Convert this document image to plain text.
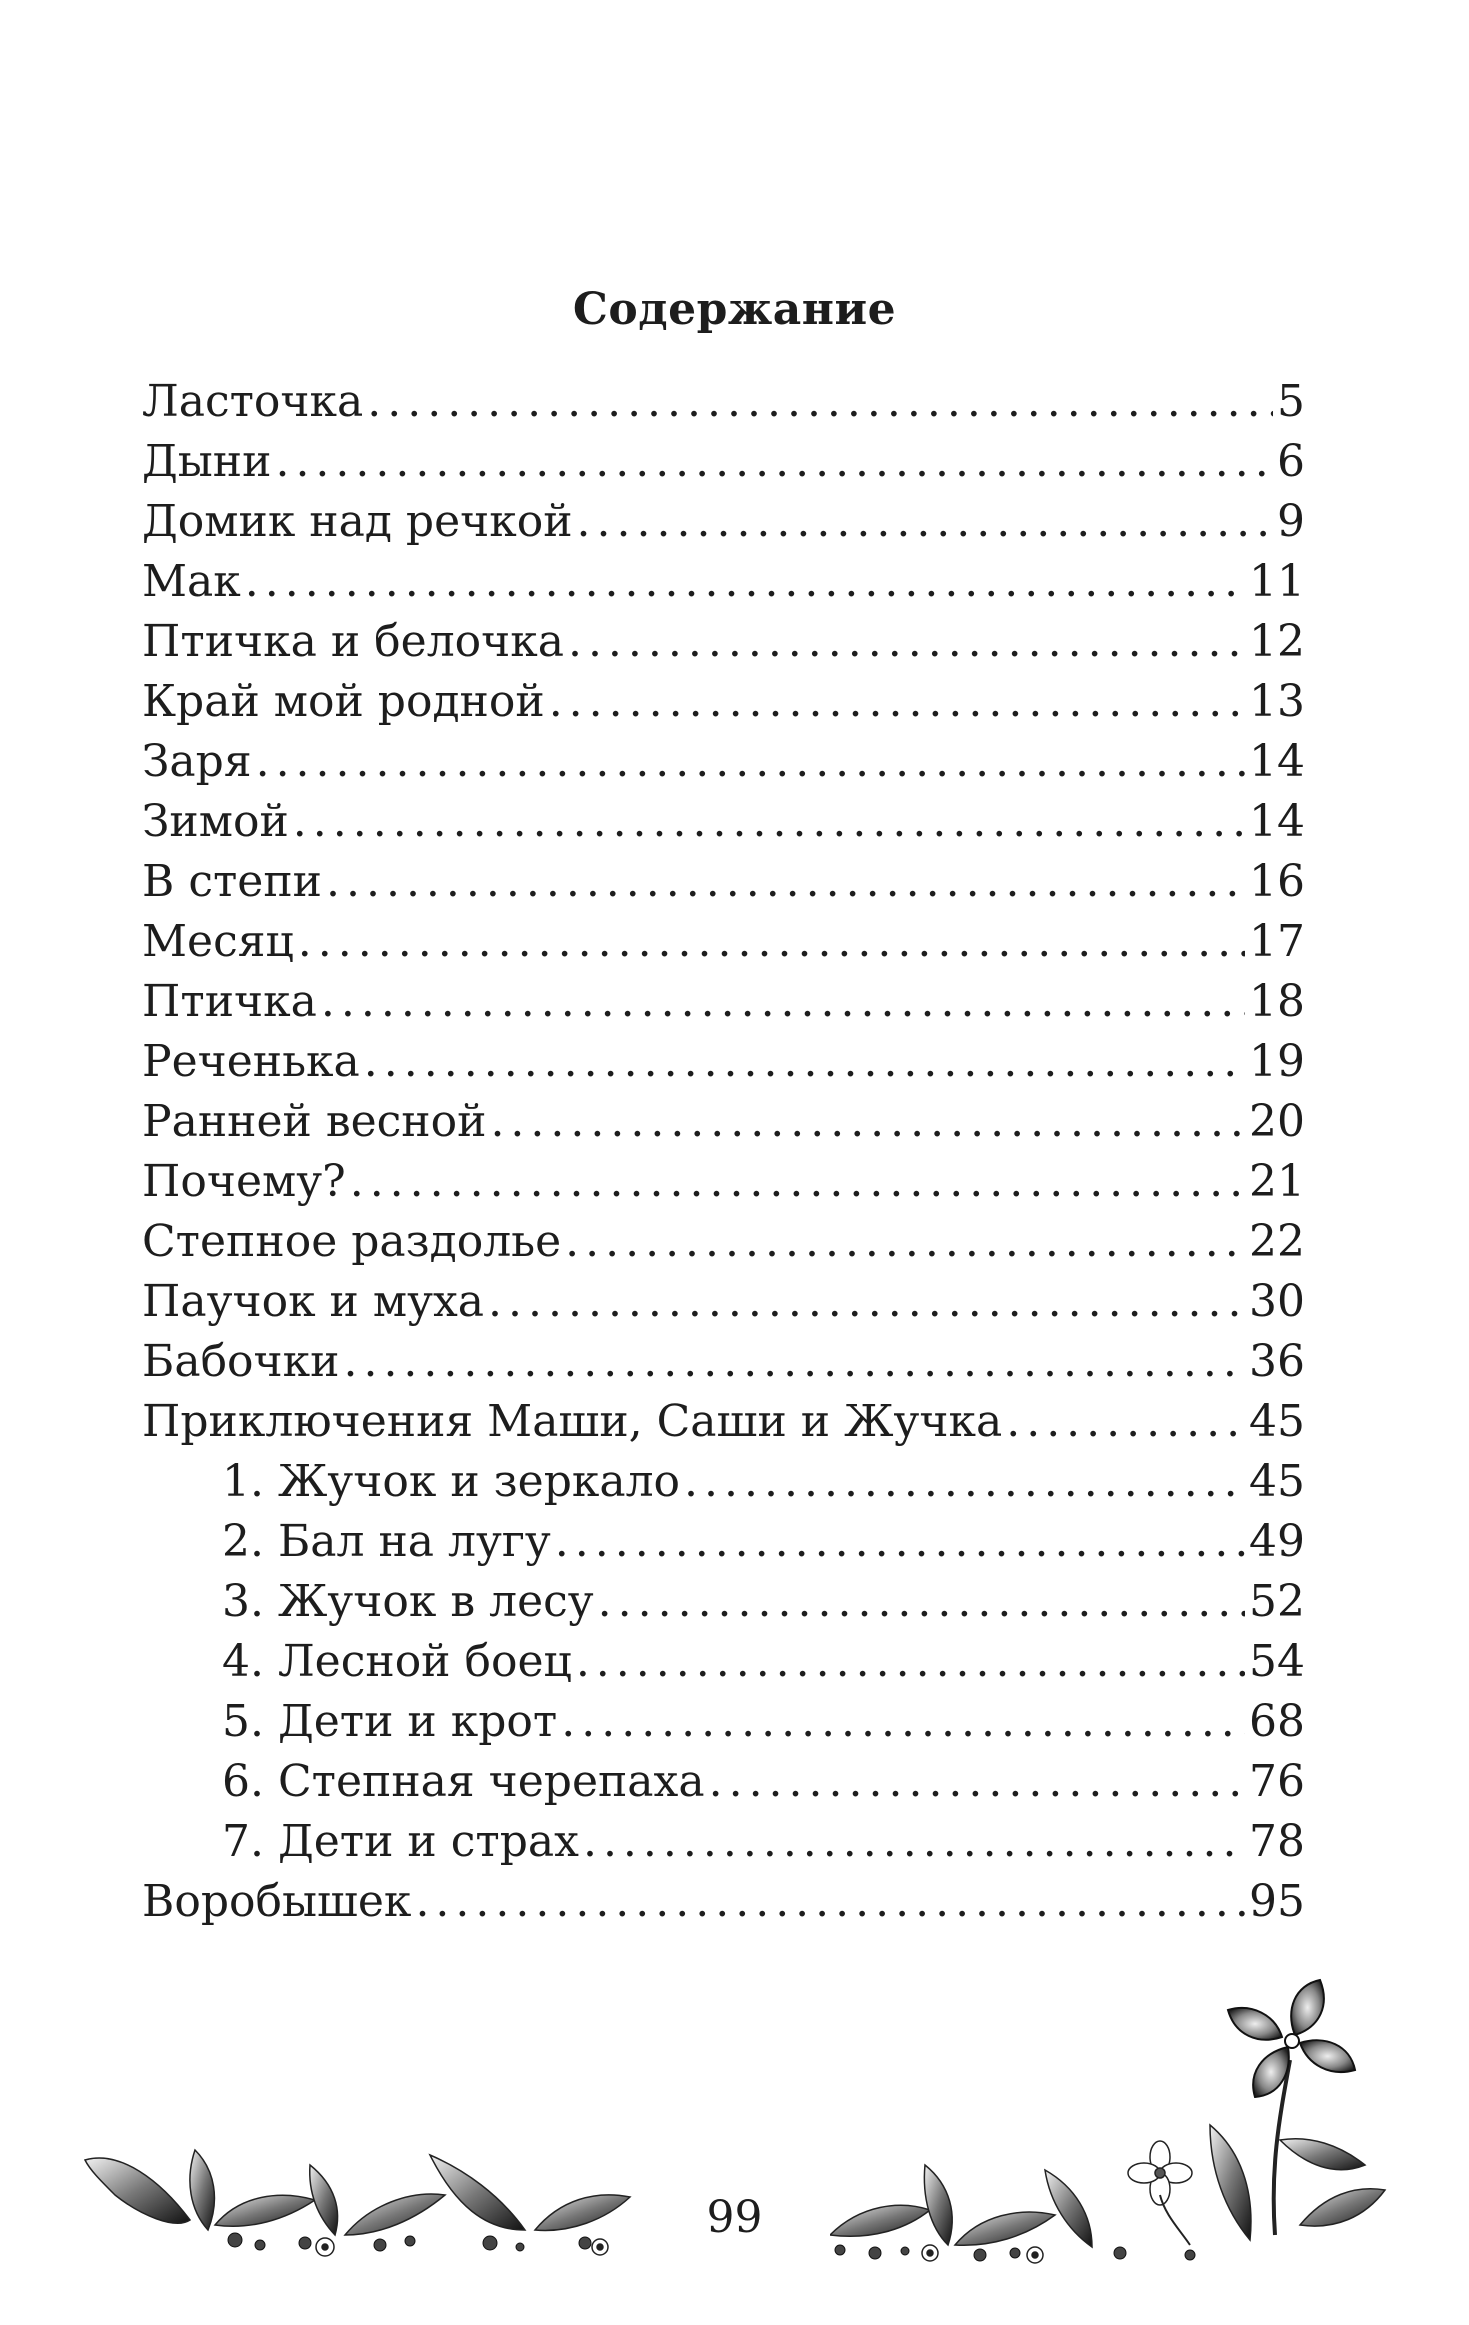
Содержание
Ласточка .....	5
Дыни .....	6
Домик над речкой .....	9
Мак .....	11
Птичка и белочка .....	12
Край мой родной .....	13
Заря .....	14
Зимой .....	14
В степи .....	16
Месяц .....	17
Птичка .....	18
Реченька .....	19
Ранней весной .....	20
Почему? .....	21
Степное раздолье .....	22
Паучок и муха .....	30
Бабочки .....	36
Приключения Маши, Саши и Жучка .....	45
1. Жучок и зеркало .....	45
2. Бал на лугу .....	49
3. Жучок в лесу .....	52
4. Лесной боец .....	54
5. Дети и крот .....	68
6. Степная черепаха .....	76
7. Дети и страх .....	78
Воробышек .....	95
99
